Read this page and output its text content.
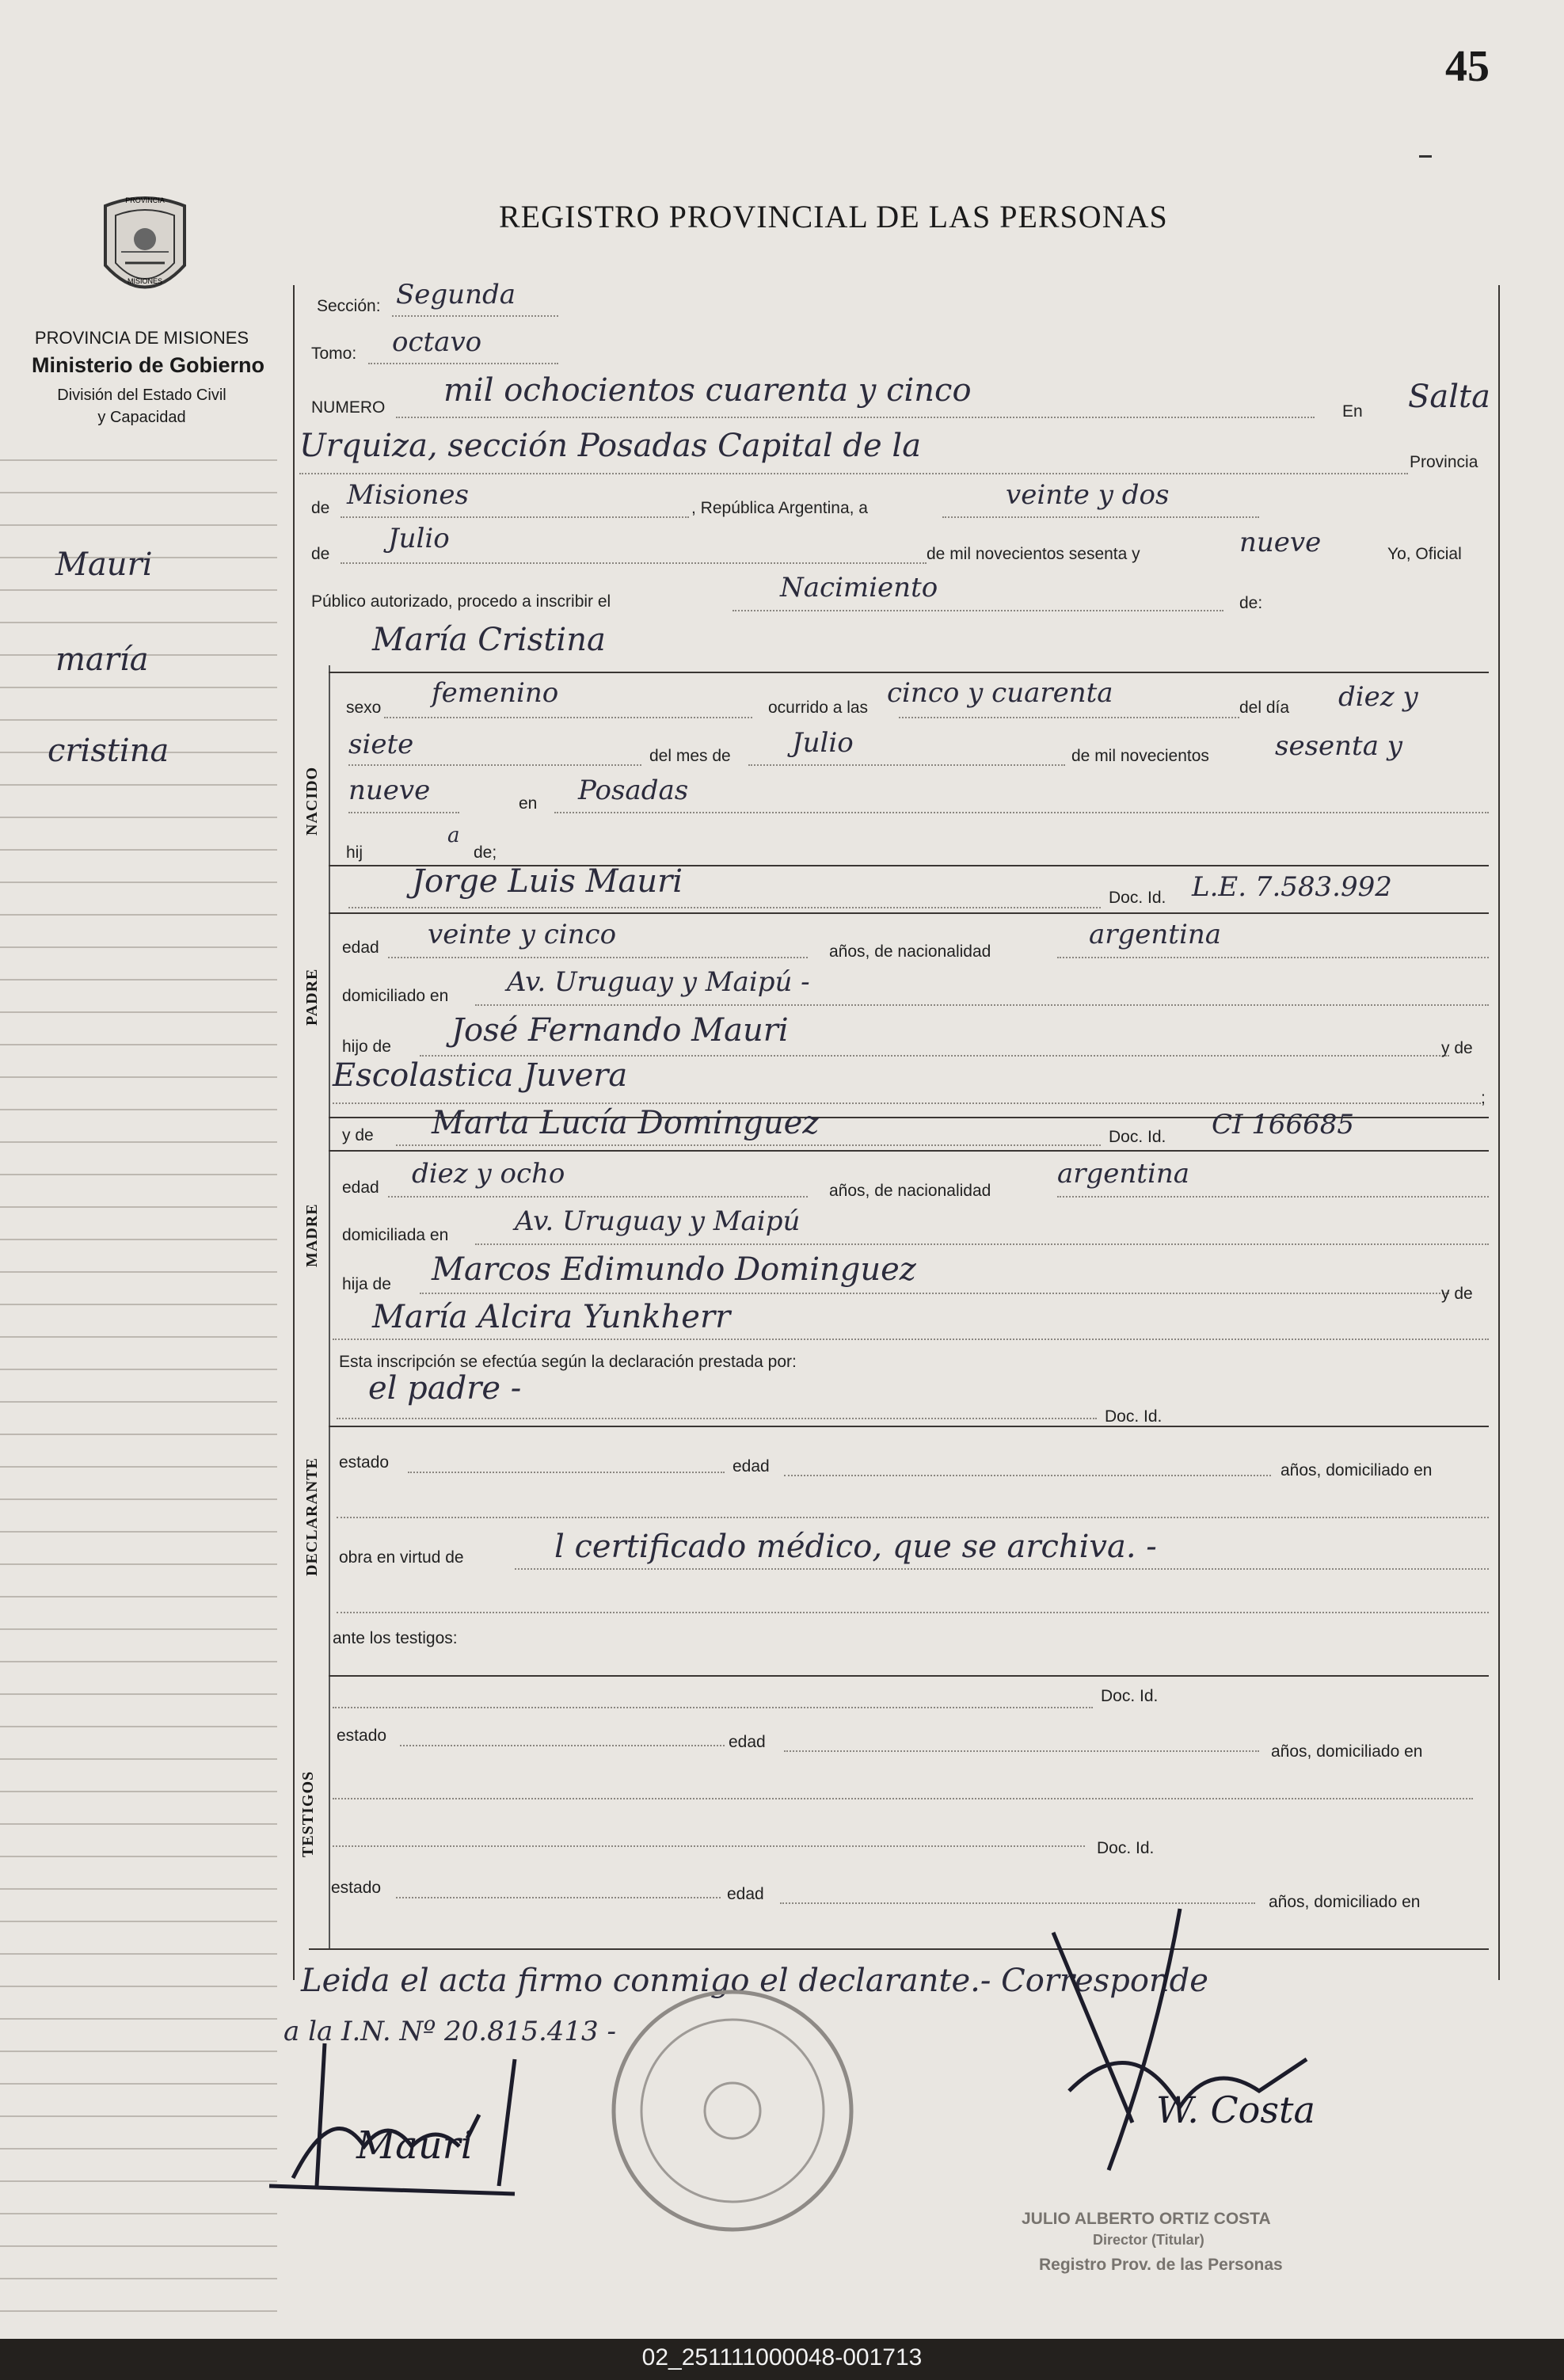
45
REGISTRO PROVINCIAL DE LAS PERSONAS
PROVINCIA
MISIONES
PROVINCIA DE MISIONES
Ministerio de Gobierno
División del Estado Civil
y Capacidad
Mauri
maría
cristina
Sección: Segunda
Tomo: octavo
NUMERO mil ochocientos cuarenta y cinco
En Salta
Urquiza, sección Posadas Capital de la	Provincia
de Misiones	, República Argentina, a	veinte y dos
de Julio	de mil novecientos sesenta y	nueve	Yo, Oficial
Público autorizado, procedo a inscribir el	Nacimiento	de:
María Cristina
NACIDO
sexo femenino	ocurrido a las cinco y cuarenta	del día diez y
siete	del mes de Julio	de mil novecientos sesenta y
nueve	en Posadas
hij
a
de;
PADRE
Jorge Luis Mauri	Doc. Id. L.E. 7.583.992
edad veinte y cinco
años, de nacionalidad
argentina
domiciliado en Av. Uruguay y Maipú -
hijo de José Fernando Mauri	y de
Escolastica Juvera
;
MADRE
y de Marta Lucía Dominguez	Doc. Id. CI 166685
edad diez y ocho
años, de nacionalidad
argentina
domiciliada en Av. Uruguay y Maipú
hija de Marcos Edimundo Dominguez
y de
María Alcira Yunkherr
DECLARANTE
Esta inscripción se efectúa según la declaración prestada por:
el padre -
Doc. Id.
estado	edad	años, domiciliado en
obra en virtud de	l certificado médico, que se archiva. -
ante los testigos:
TESTIGOS
Doc. Id.
estado	edad
años, domiciliado en
Doc. Id.
estado	edad	años, domiciliado en
Leida el acta firmo conmigo el declarante.- Corresponde
a la I.N. Nº 20.815.413 -
Mauri
W. Costa
JULIO ALBERTO ORTIZ COSTA
Director (Titular)
Registro Prov. de las Personas
02_251111000048-001713
